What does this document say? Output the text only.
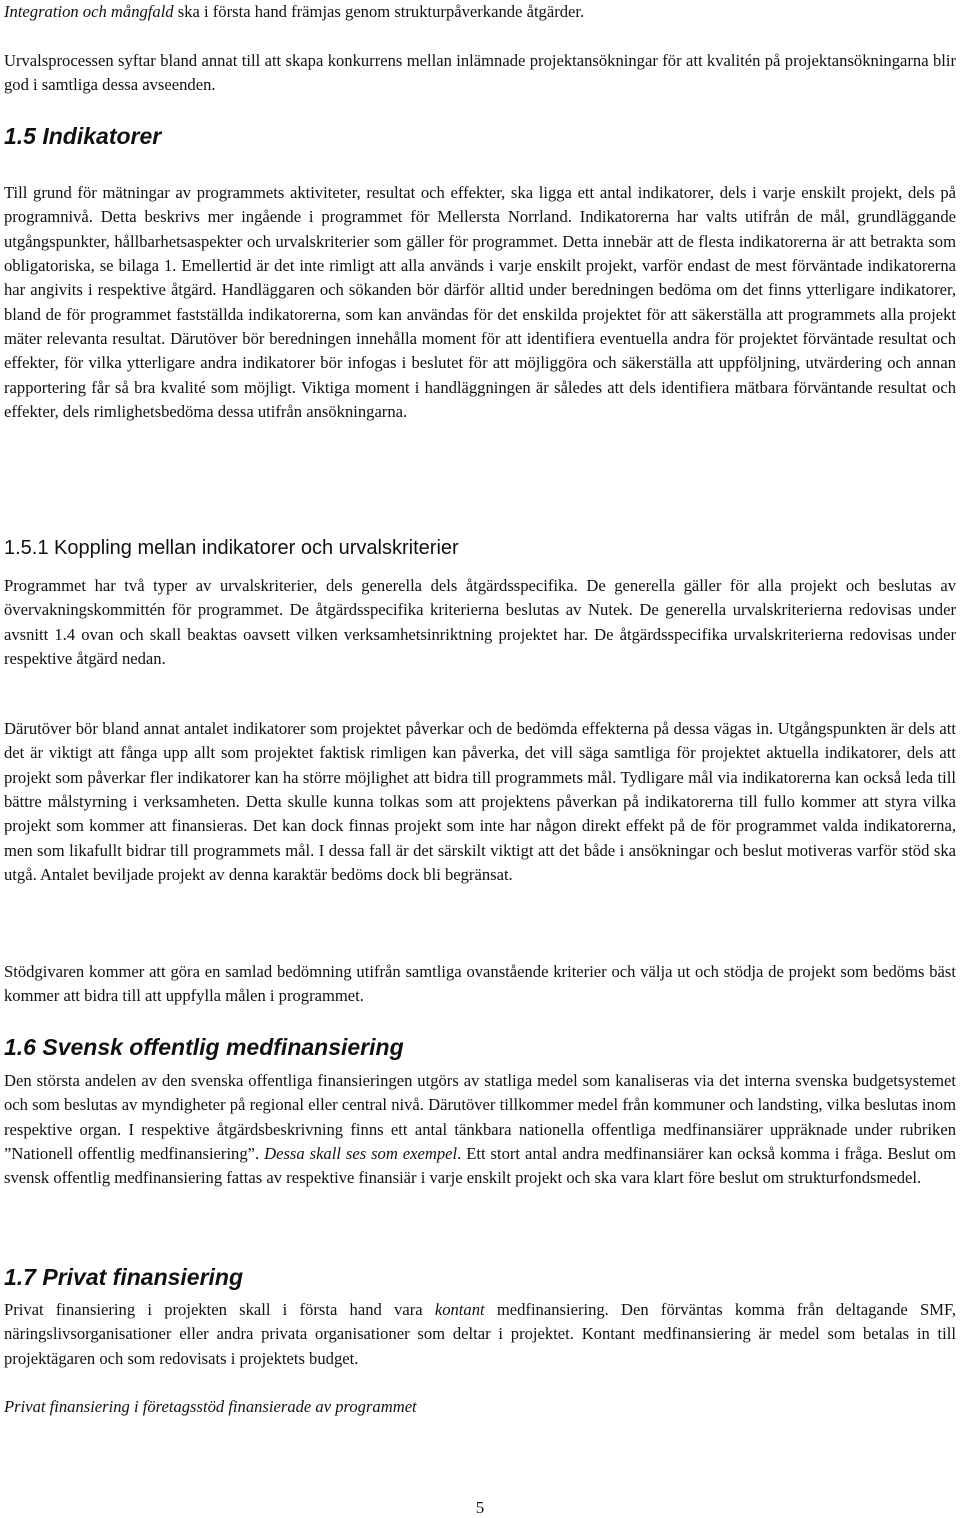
Integration och mångfald ska i första hand främjas genom strukturpåverkande åtgärder.

Urvalsprocessen syftar bland annat till att skapa konkurrens mellan inlämnade projektansökningar för att kvalitén på projektansökningarna blir god i samtliga dessa avseenden.

1.5 Indikatorer

Till grund för mätningar av programmets aktiviteter, resultat och effekter, ska ligga ett antal indikatorer, dels i varje enskilt projekt, dels på programnivå. Detta beskrivs mer ingående i programmet för Mellersta Norrland. Indikatorerna har valts utifrån de mål, grundläggande utgångspunkter, hållbarhetsaspekter och urvalskriterier som gäller för programmet. Detta innebär att de flesta indikatorerna är att betrakta som obligatoriska, se bilaga 1. Emellertid är det inte rimligt att alla används i varje enskilt projekt, varför endast de mest förväntade indikatorerna har angivits i respektive åtgärd. Handläggaren och sökanden bör därför alltid under beredningen bedöma om det finns ytterligare indikatorer, bland de för programmet fastställda indikatorerna, som kan användas för det enskilda projektet för att säkerställa att programmets alla projekt mäter relevanta resultat. Därutöver bör beredningen innehålla moment för att identifiera eventuella andra för projektet förväntade resultat och effekter, för vilka ytterligare andra indikatorer bör infogas i beslutet för att möjliggöra och säkerställa att uppföljning, utvärdering och annan rapportering får så bra kvalité som möjligt. Viktiga moment i handläggningen är således att dels identifiera mätbara förväntande resultat och effekter, dels rimlighetsbedöma dessa utifrån ansökningarna.

1.5.1 Koppling mellan indikatorer och urvalskriterier

Programmet har två typer av urvalskriterier, dels generella dels åtgärdsspecifika. De generella gäller för alla projekt och beslutas av övervakningskommittén för programmet. De åtgärdsspecifika kriterierna beslutas av Nutek. De generella urvalskriterierna redovisas under avsnitt 1.4 ovan och skall beaktas oavsett vilken verksamhetsinriktning projektet har. De åtgärdsspecifika urvalskriterierna redovisas under respektive åtgärd nedan.

Därutöver bör bland annat antalet indikatorer som projektet påverkar och de bedömda effekterna på dessa vägas in. Utgångspunkten är dels att det är viktigt att fånga upp allt som projektet faktisk rimligen kan påverka, det vill säga samtliga för projektet aktuella indikatorer, dels att projekt som påverkar fler indikatorer kan ha större möjlighet att bidra till programmets mål. Tydligare mål via indikatorerna kan också leda till bättre målstyrning i verksamheten. Detta skulle kunna tolkas som att projektens påverkan på indikatorerna till fullo kommer att styra vilka projekt som kommer att finansieras. Det kan dock finnas projekt som inte har någon direkt effekt på de för programmet valda indikatorerna, men som likafullt bidrar till programmets mål. I dessa fall är det särskilt viktigt att det både i ansökningar och beslut motiveras varför stöd ska utgå. Antalet beviljade projekt av denna karaktär bedöms dock bli begränsat.

Stödgivaren kommer att göra en samlad bedömning utifrån samtliga ovanstående kriterier och välja ut och stödja de projekt som bedöms bäst kommer att bidra till att uppfylla målen i programmet.

1.6 Svensk offentlig medfinansiering

Den största andelen av den svenska offentliga finansieringen utgörs av statliga medel som kanaliseras via det interna svenska budgetsystemet och som beslutas av myndigheter på regional eller central nivå. Därutöver tillkommer medel från kommuner och landsting, vilka beslutas inom respektive organ. I respektive åtgärdsbeskrivning finns ett antal tänkbara nationella offentliga medfinansiärer uppräknade under rubriken ”Nationell offentlig medfinansiering”. Dessa skall ses som exempel. Ett stort antal andra medfinansiärer kan också komma i fråga. Beslut om svensk offentlig medfinansiering fattas av respektive finansiär i varje enskilt projekt och ska vara klart före beslut om strukturfondsmedel.

1.7 Privat finansiering

Privat finansiering i projekten skall i första hand vara kontant medfinansiering. Den förväntas komma från deltagande SMF, näringslivsorganisationer eller andra privata organisationer som deltar i projektet. Kontant medfinansiering är medel som betalas in till projektägaren och som redovisats i projektets budget.

Privat finansiering i företagsstöd finansierade av programmet

5
